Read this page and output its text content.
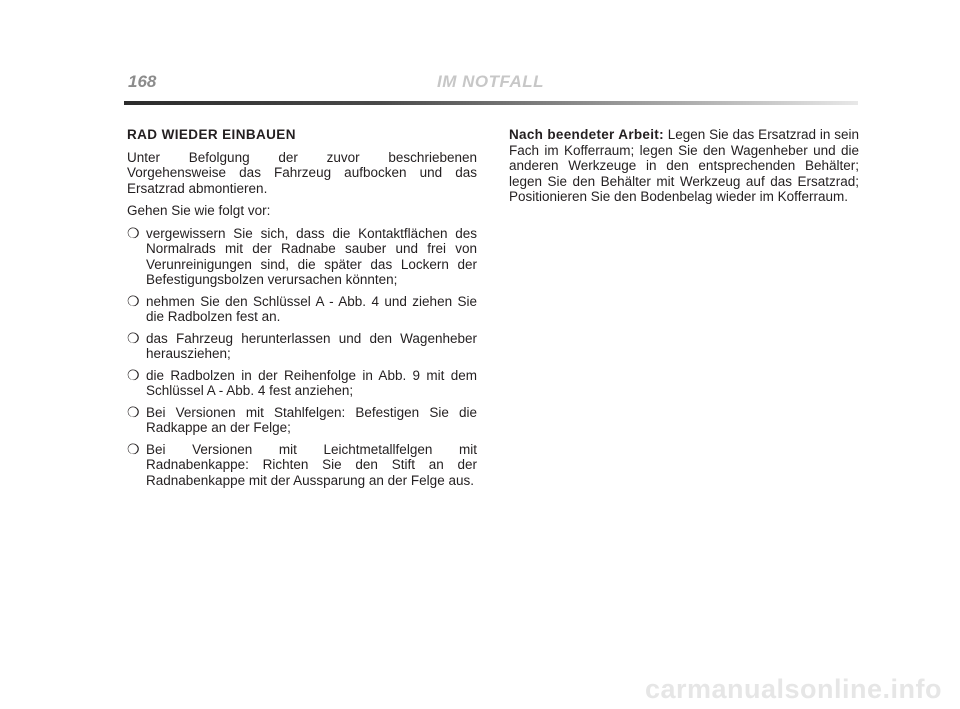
168	IM NOTFALL
RAD WIEDER EINBAUEN

Unter Befolgung der zuvor beschriebenen Vorgehensweise das Fahrzeug aufbocken und das Ersatzrad abmontieren.

Gehen Sie wie folgt vor:

❍ vergewissern Sie sich, dass die Kontaktflächen des Normalrads mit der Radnabe sauber und frei von Verunreinigungen sind, die später das Lockern der Befestigungsbolzen verursachen könnten;
❍ nehmen Sie den Schlüssel A - Abb. 4 und ziehen Sie die Radbolzen fest an.
❍ das Fahrzeug herunterlassen und den Wagenheber herausziehen;
❍ die Radbolzen in der Reihenfolge in Abb. 9 mit dem Schlüssel A - Abb. 4 fest anziehen;
❍ Bei Versionen mit Stahlfelgen: Befestigen Sie die Radkappe an der Felge;
❍ Bei Versionen mit Leichtmetallfelgen mit Radnabenkappe: Richten Sie den Stift an der Radnabenkappe mit der Aussparung an der Felge aus.

Nach beendeter Arbeit: Legen Sie das Ersatzrad in sein Fach im Kofferraum; legen Sie den Wagenheber und die anderen Werkzeuge in den entsprechenden Behälter; legen Sie den Behälter mit Werkzeug auf das Ersatzrad; Positionieren Sie den Bodenbelag wieder im Kofferraum.

carmanualsonline.info
